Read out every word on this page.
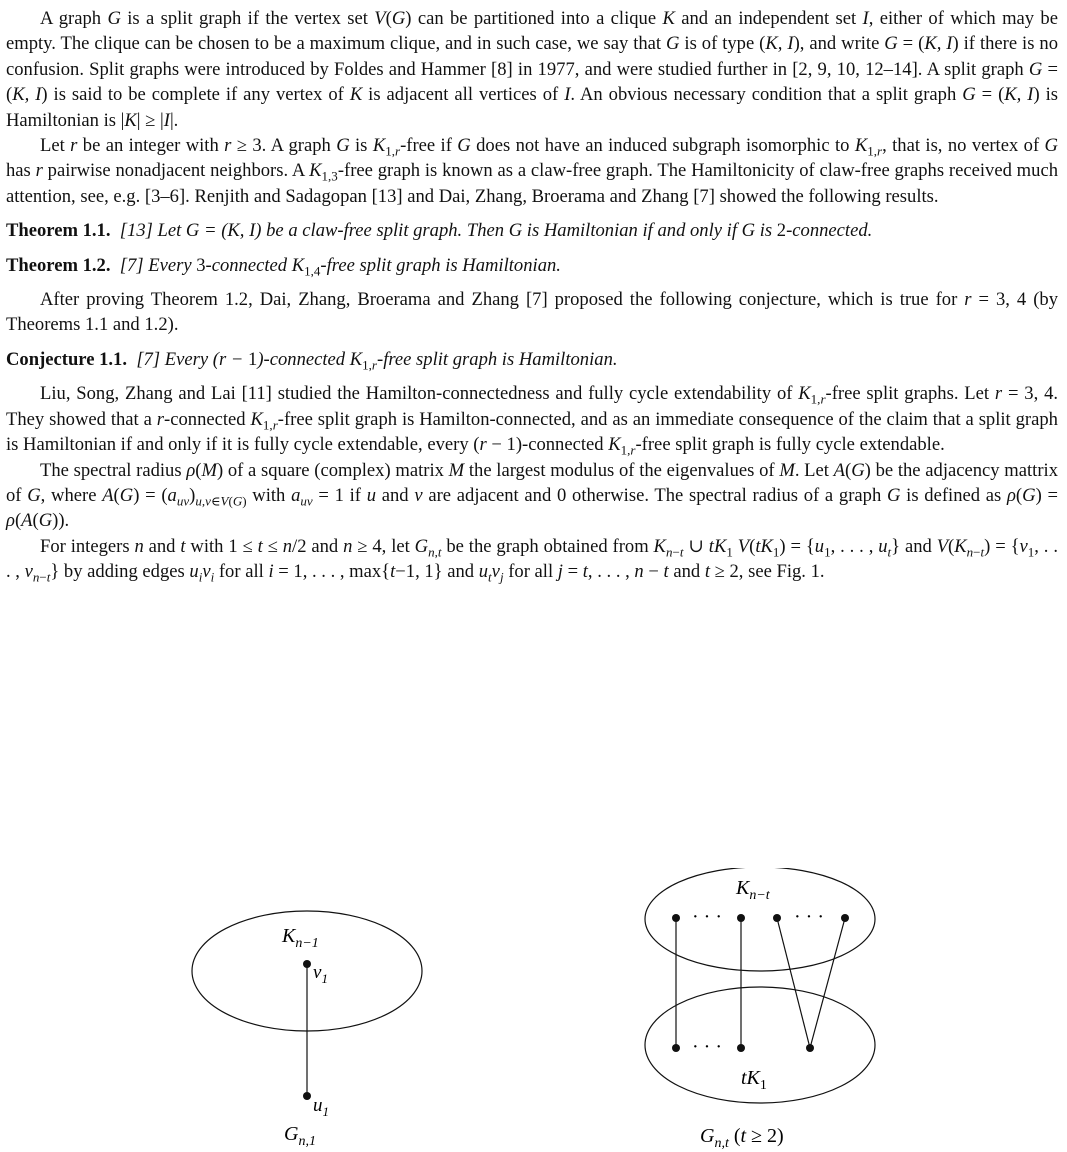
A graph G is a split graph if the vertex set V(G) can be partitioned into a clique K and an independent set I, either of which may be empty. The clique can be chosen to be a maximum clique, and in such case, we say that G is of type (K, I), and write G = (K, I) if there is no confusion. Split graphs were introduced by Foldes and Hammer [8] in 1977, and were studied further in [2, 9, 10, 12–14]. A split graph G = (K, I) is said to be complete if any vertex of K is adjacent all vertices of I. An obvious necessary condition that a split graph G = (K, I) is Hamiltonian is |K| ≥ |I|.

Let r be an integer with r ≥ 3. A graph G is $K_{1,r}$-free if G does not have an induced subgraph isomorphic to $K_{1,r}$, that is, no vertex of G has r pairwise nonadjacent neighbors. A $K_{1,3}$-free graph is known as a claw-free graph. The Hamiltonicity of claw-free graphs received much attention, see, e.g. [3–6]. Renjith and Sadagopan [13] and Dai, Zhang, Broerama and Zhang [7] showed the following results.

Theorem 1.1. [13] Let G = (K, I) be a claw-free split graph. Then G is Hamiltonian if and only if G is 2-connected.

Theorem 1.2. [7] Every 3-connected $K_{1,4}$-free split graph is Hamiltonian.

After proving Theorem 1.2, Dai, Zhang, Broerama and Zhang [7] proposed the following conjecture, which is true for r = 3, 4 (by Theorems 1.1 and 1.2).

Conjecture 1.1. [7] Every (r − 1)-connected $K_{1,r}$-free split graph is Hamiltonian.

Liu, Song, Zhang and Lai [11] studied the Hamilton-connectedness and fully cycle extendability of $K_{1,r}$-free split graphs. Let r = 3, 4. They showed that a r-connected $K_{1,r}$-free split graph is Hamilton-connected, and as an immediate consequence of the claim that a split graph is Hamiltonian if and only if it is fully cycle extendable, every (r − 1)-connected $K_{1,r}$-free split graph is fully cycle extendable.

The spectral radius ρ(M) of a square (complex) matrix M the largest modulus of the eigenvalues of M. Let A(G) be the adjacency mattrix of G, where $A(G) = (a_{uv})_{u,v\in V(G)}$ with $a_{uv} = 1$ if u and v are adjacent and 0 otherwise. The spectral radius of a graph G is defined as ρ(G) = ρ(A(G)).

For integers n and t with 1 ≤ t ≤ n/2 and n ≥ 4, let $G_{n,t}$ be the graph obtained from $K_{n-t}$ ∪ $tK_1$ $V(tK_1) = \{u_1$, . . . , $u_t$} and $V(K_{n-t}) = \{v_1$, . . . , $v_{n-t}$} by adding edges $u_iv_i$ for all i = 1, . . . , max{t−1, 1} and $u_tv_j$ for all j = t, . . . , n − t and t ≥ 2, see Fig. 1.

$K_{n-1}$
$v_1$
$u_1$
$G_{n,1}$
$K_{n-t}$
$tK_1$
· · ·	· · ·
· · ·
$G_{n,t}$ (t ≥ 2)
